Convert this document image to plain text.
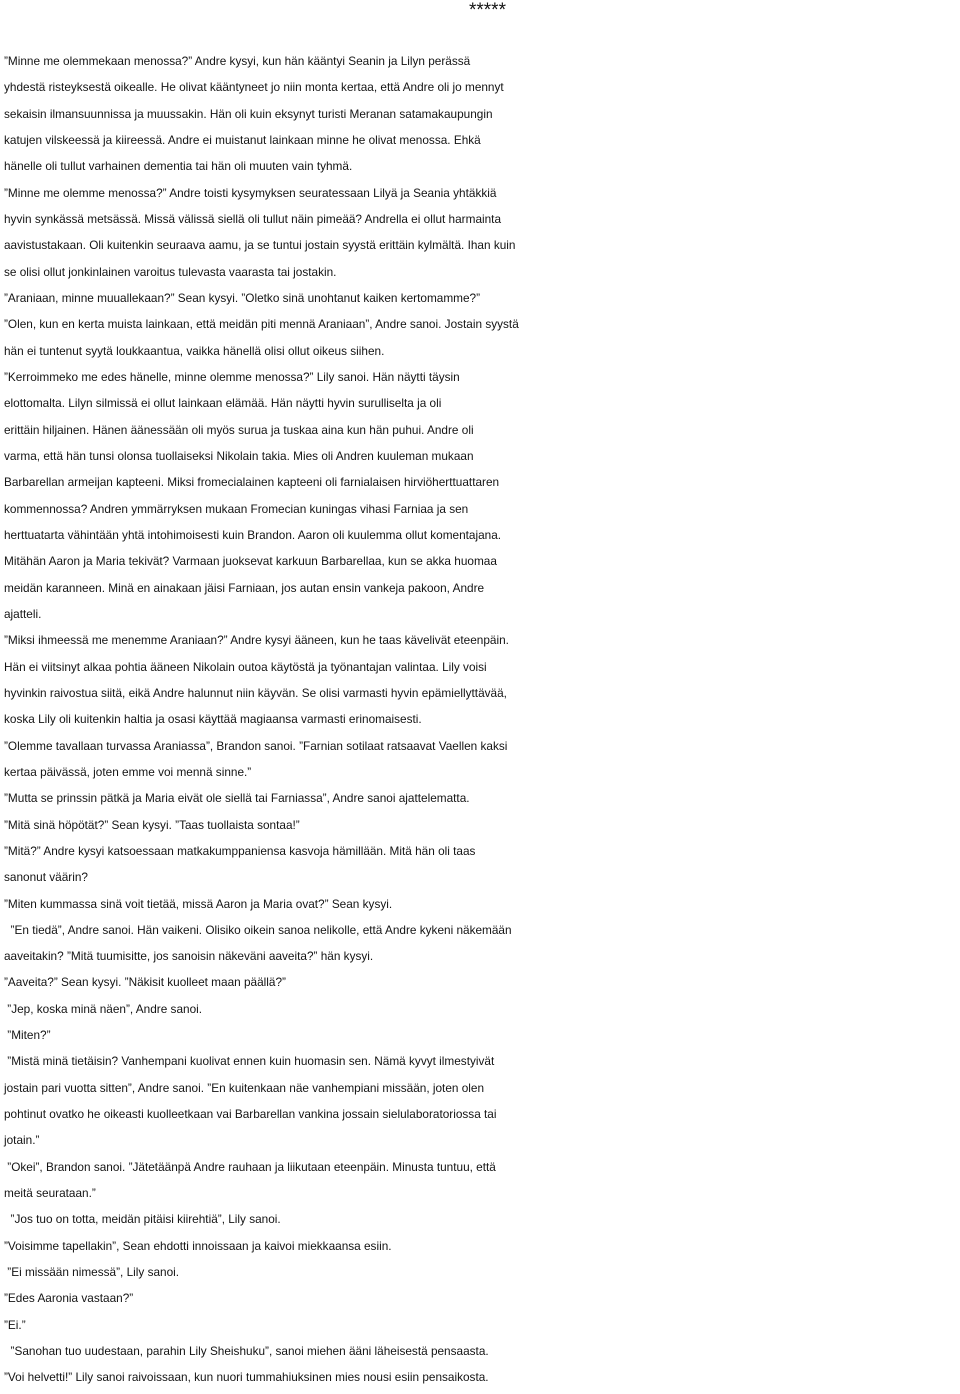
*****
”Minne me olemmekaan menossa?” Andre kysyi, kun hän kääntyi Seanin ja Lilyn perässä
yhdestä risteyksestä oikealle. He olivat kääntyneet jo niin monta kertaa, että Andre oli jo mennyt
sekaisin ilmansuunnissa ja muussakin. Hän oli kuin eksynyt turisti Meranan satamakaupungin
katujen vilskeessä ja kiireessä. Andre ei muistanut lainkaan minne he olivat menossa. Ehkä
hänelle oli tullut varhainen dementia tai hän oli muuten vain tyhmä.
”Minne me olemme menossa?” Andre toisti kysymyksen seuratessaan Lilyä ja Seania yhtäkkiä
hyvin synkässä metsässä. Missä välissä siellä oli tullut näin pimeää? Andrella ei ollut harmainta
aavistustakaan. Oli kuitenkin seuraava aamu, ja se tuntui jostain syystä erittäin kylmältä. Ihan kuin
se olisi ollut jonkinlainen varoitus tulevasta vaarasta tai jostakin.
”Araniaan, minne muuallekaan?” Sean kysyi. ”Oletko sinä unohtanut kaiken kertomamme?”
”Olen, kun en kerta muista lainkaan, että meidän piti mennä Araniaan”, Andre sanoi. Jostain syystä
hän ei tuntenut syytä loukkaantua, vaikka hänellä olisi ollut oikeus siihen.
”Kerroimmeko me edes hänelle, minne olemme menossa?” Lily sanoi. Hän näytti täysin
elottomalta. Lilyn silmissä ei ollut lainkaan elämää. Hän näytti hyvin surulliselta ja oli
erittäin hiljainen. Hänen äänessään oli myös surua ja tuskaa aina kun hän puhui. Andre oli
varma, että hän tunsi olonsa tuollaiseksi Nikolain takia. Mies oli Andren kuuleman mukaan
Barbarellan armeijan kapteeni. Miksi fromecialainen kapteeni oli farnialaisen hirviöherttuattaren
kommennossa? Andren ymmärryksen mukaan Fromecian kuningas vihasi Farniaa ja sen
herttuatarta vähintään yhtä intohimoisesti kuin Brandon. Aaron oli kuulemma ollut komentajana.
Mitähän Aaron ja Maria tekivät? Varmaan juoksevat karkuun Barbarellaa, kun se akka huomaa
meidän karanneen. Minä en ainakaan jäisi Farniaan, jos autan ensin vankeja pakoon, Andre
ajatteli.
”Miksi ihmeessä me menemme Araniaan?” Andre kysyi ääneen, kun he taas kävelivät eteenpäin.
Hän ei viitsinyt alkaa pohtia ääneen Nikolain outoa käytöstä ja työnantajan valintaa. Lily voisi
hyvinkin raivostua siitä, eikä Andre halunnut niin käyvän. Se olisi varmasti hyvin epämiellyttävää,
koska Lily oli kuitenkin haltia ja osasi käyttää magiaansa varmasti erinomaisesti.
”Olemme tavallaan turvassa Araniassa”, Brandon sanoi. ”Farnian sotilaat ratsaavat Vaellen kaksi
kertaa päivässä, joten emme voi mennä sinne.”
”Mutta se prinssin pätkä ja Maria eivät ole siellä tai Farniassa”, Andre sanoi ajattelematta.
”Mitä sinä höpötät?” Sean kysyi. ”Taas tuollaista sontaa!”
”Mitä?” Andre kysyi katsoessaan matkakumppaniensa kasvoja hämillään. Mitä hän oli taas
sanonut väärin?
”Miten kummassa sinä voit tietää, missä Aaron ja Maria ovat?” Sean kysyi.
”En tiedä”, Andre sanoi. Hän vaikeni. Olisiko oikein sanoa nelikolle, että Andre kykeni näkemään
aaveitakin? ”Mitä tuumisitte, jos sanoisin näkeväni aaveita?” hän kysyi.
”Aaveita?” Sean kysyi. ”Näkisit kuolleet maan päällä?”
”Jep, koska minä näen”, Andre sanoi.
”Miten?”
”Mistä minä tietäisin? Vanhempani kuolivat ennen kuin huomasin sen. Nämä kyvyt ilmestyivät
jostain pari vuotta sitten”, Andre sanoi. ”En kuitenkaan näe vanhempiani missään, joten olen
pohtinut ovatko he oikeasti kuolleetkaan vai Barbarellan vankina jossain sielulaboratoriossa tai
jotain.”
”Okei”, Brandon sanoi. ”Jätetäänpä Andre rauhaan ja liikutaan eteenpäin. Minusta tuntuu, että
meitä seurataan.”
”Jos tuo on totta, meidän pitäisi kiirehtiä”, Lily sanoi.
”Voisimme tapellakin”, Sean ehdotti innoissaan ja kaivoi miekkaansa esiin.
”Ei missään nimessä”, Lily sanoi.
”Edes Aaronia vastaan?”
”Ei.”
”Sanohan tuo uudestaan, parahin Lily Sheishuku”, sanoi miehen ääni läheisestä pensaasta.
”Voi helvetti!” Lily sanoi raivoissaan, kun nuori tummahiuksinen mies nousi esiin pensaikosta.
